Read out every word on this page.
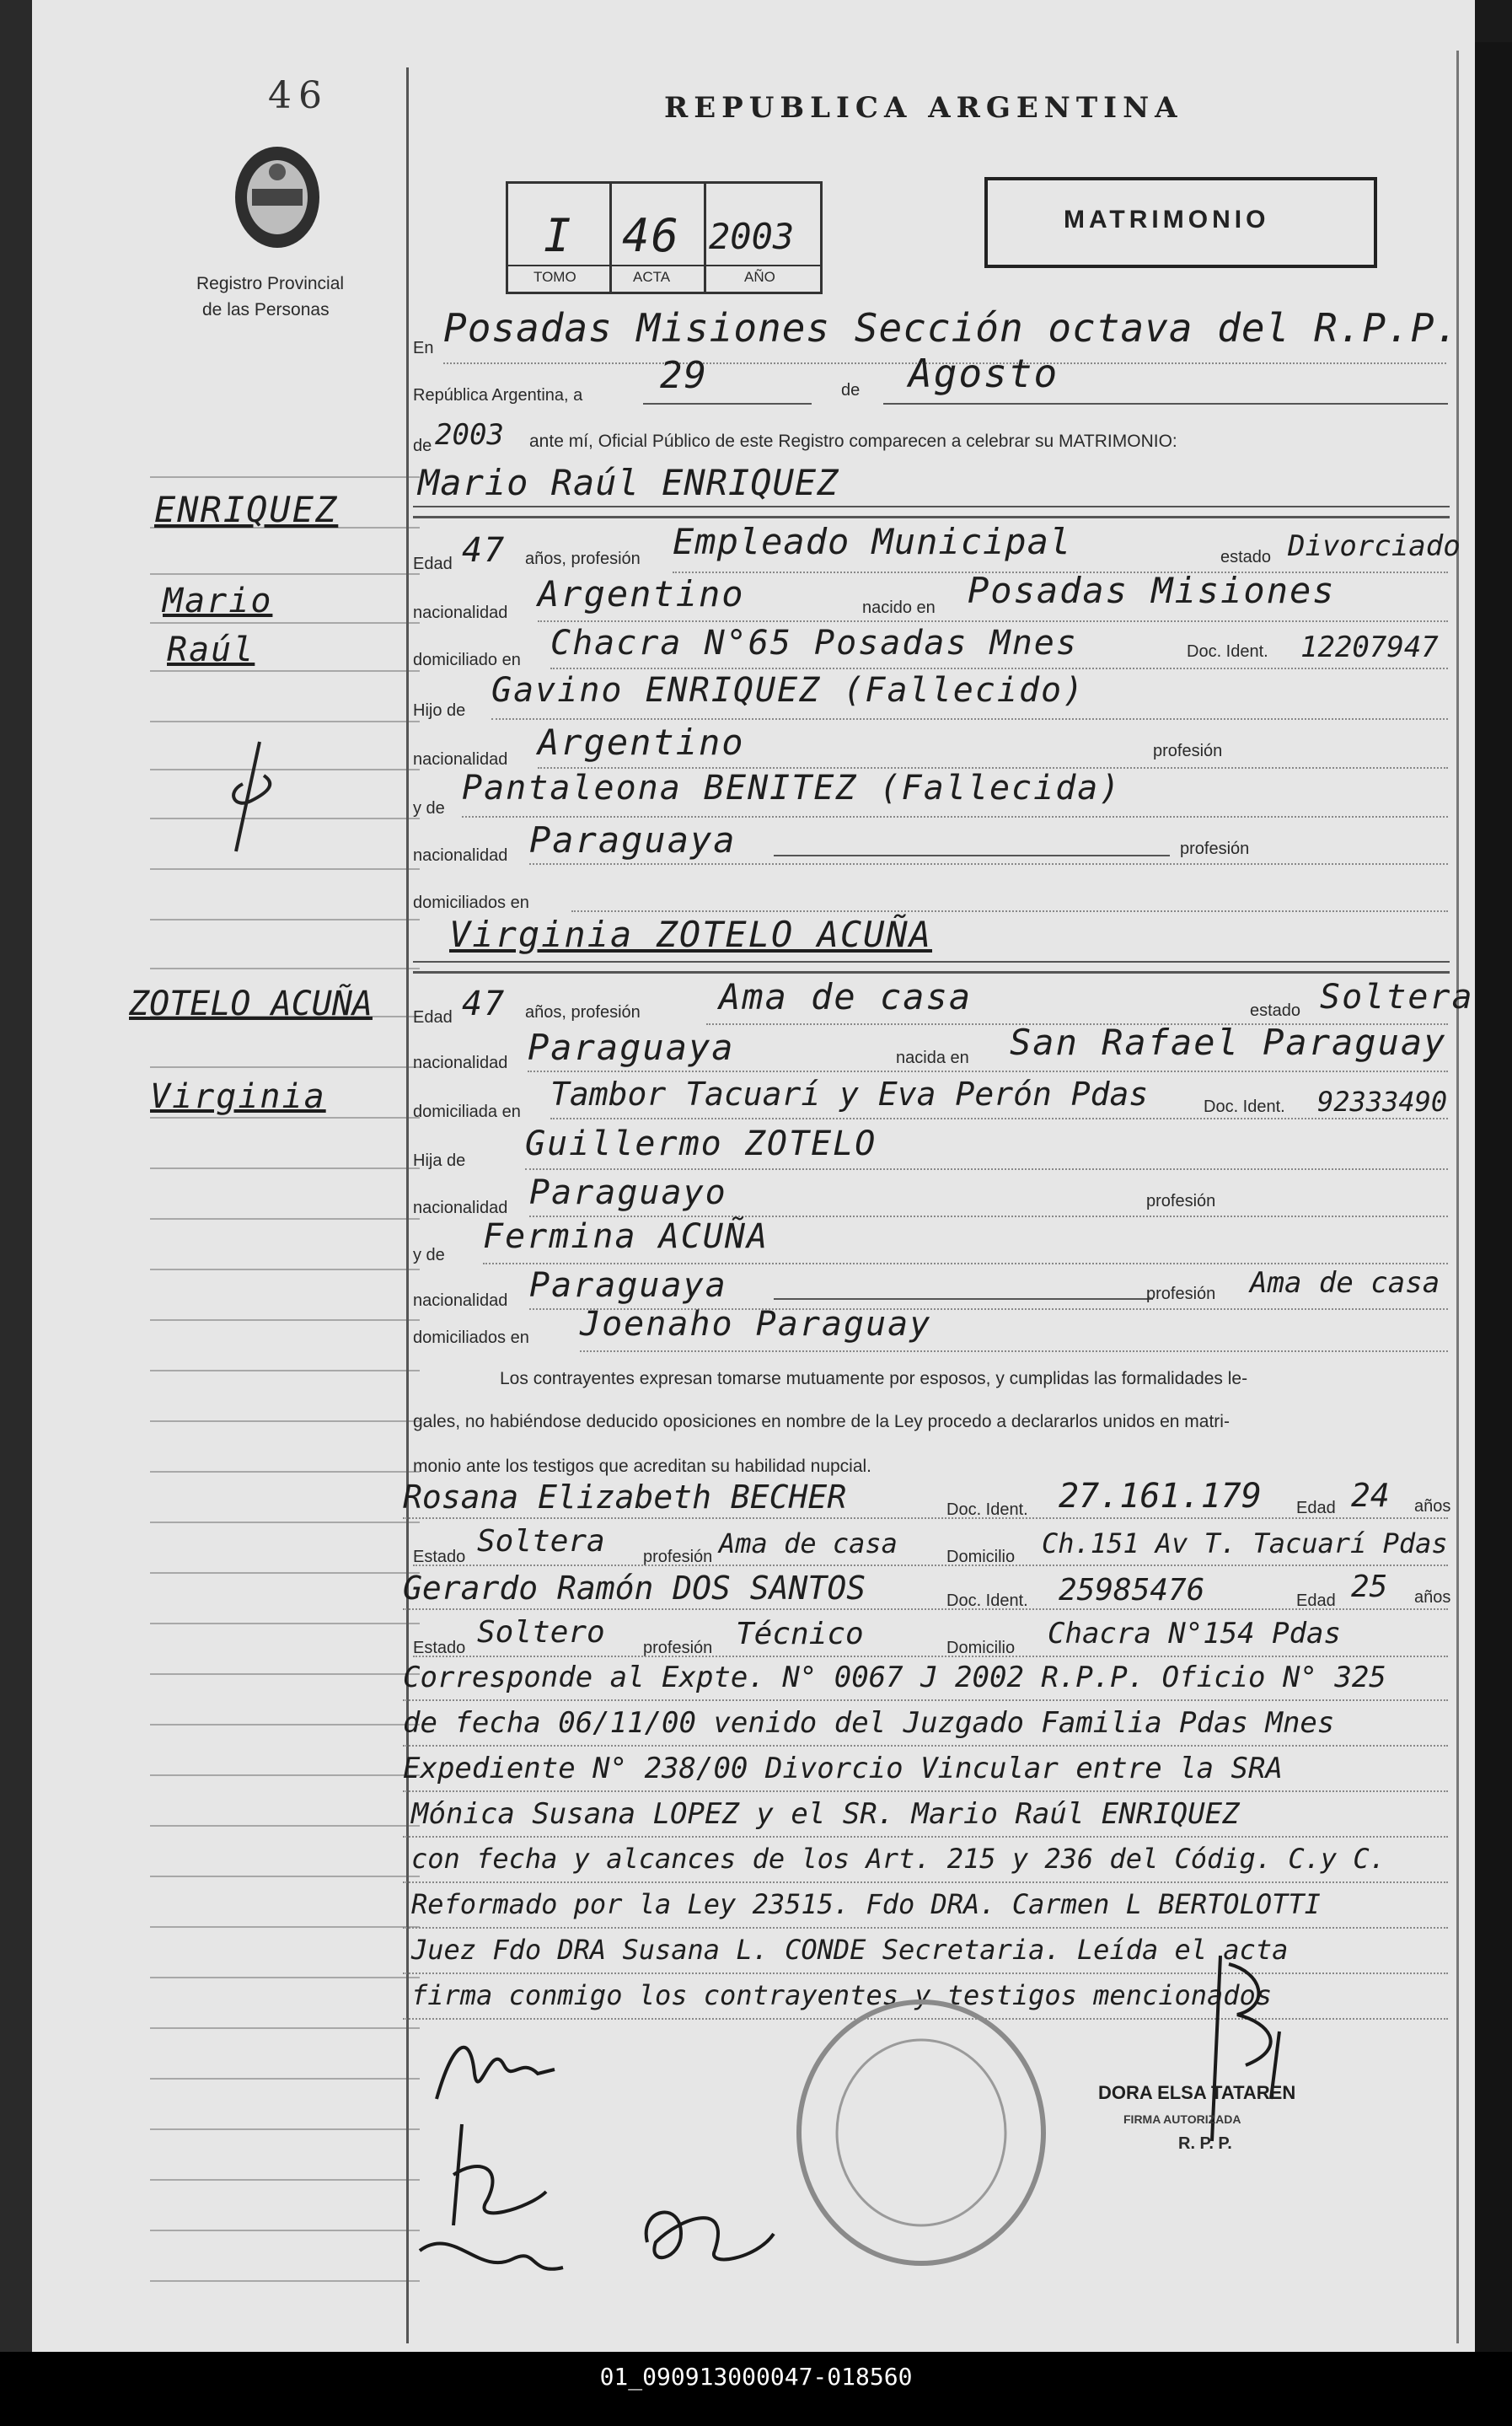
46
Registro Provincial
de las Personas
REPUBLICA ARGENTINA
I 46 2003
TOMO	ACTA	AÑO
MATRIMONIO
En Posadas Misiones Sección octava del R.P.P.
República Argentina, a 29	de Agosto
de 2003 ante mí, Oficial Público de este Registro comparecen a celebrar su MATRIMONIO:
ENRIQUEZ
Mario
Raúl
ZOTELO ACUÑA
Virginia
Mario Raúl ENRIQUEZ
Edad 47 años, profesión Empleado Municipal	estado Divorciado
nacionalidad Argentino	nacido en Posadas Misiones
domiciliado en Chacra N°65 Posadas Mnes	Doc. Ident. 12207947
Hijo de
Gavino ENRIQUEZ (Fallecido)
nacionalidad Argentino	profesión
y de
Pantaleona BENITEZ (Fallecida)
nacionalidad Paraguaya	profesión
domiciliados en
Virginia ZOTELO ACUÑA
Edad 47 años, profesión Ama de casa	estado Soltera
nacionalidad Paraguaya	nacida en San Rafael Paraguay
domiciliada en Tambor Tacuarí y Eva Perón Pdas	Doc. Ident. 92333490
Hija de Guillermo ZOTELO
nacionalidad Paraguayo	profesión
y de Fermina ACUÑA
nacionalidad Paraguaya	profesión Ama de casa
domiciliados en Joenaho Paraguay
Los contrayentes expresan tomarse mutuamente por esposos, y cumplidas las formalidades le-
gales, no habiéndose deducido oposiciones en nombre de la Ley procedo a declararlos unidos en matri-
monio ante los testigos que acreditan su habilidad nupcial.
Rosana Elizabeth BECHER	Doc. Ident. 27.161.179 Edad 24 años
Estado Soltera profesión Ama de casa	Domicilio Ch.151 Av T. Tacuarí Pdas
Gerardo Ramón DOS SANTOS	Doc. Ident. 25985476	Edad 25 años
Estado Soltero profesión Técnico	Domicilio Chacra N°154 Pdas
Corresponde al Expte. N° 0067 J 2002 R.P.P. Oficio N° 325
de fecha 06/11/00 venido del Juzgado Familia Pdas Mnes
Expediente N° 238/00 Divorcio Vincular entre la SRA
Mónica Susana LOPEZ y el SR. Mario Raúl ENRIQUEZ
con fecha y alcances de los Art. 215 y 236 del Códig. C.y C.
Reformado por la Ley 23515. Fdo DRA. Carmen L BERTOLOTTI
Juez Fdo DRA Susana L. CONDE Secretaria. Leída el acta
firma conmigo los contrayentes y testigos mencionados
DORA ELSA TATAREN
FIRMA AUTORIZADA
R. P. P.
01_090913000047-018560
